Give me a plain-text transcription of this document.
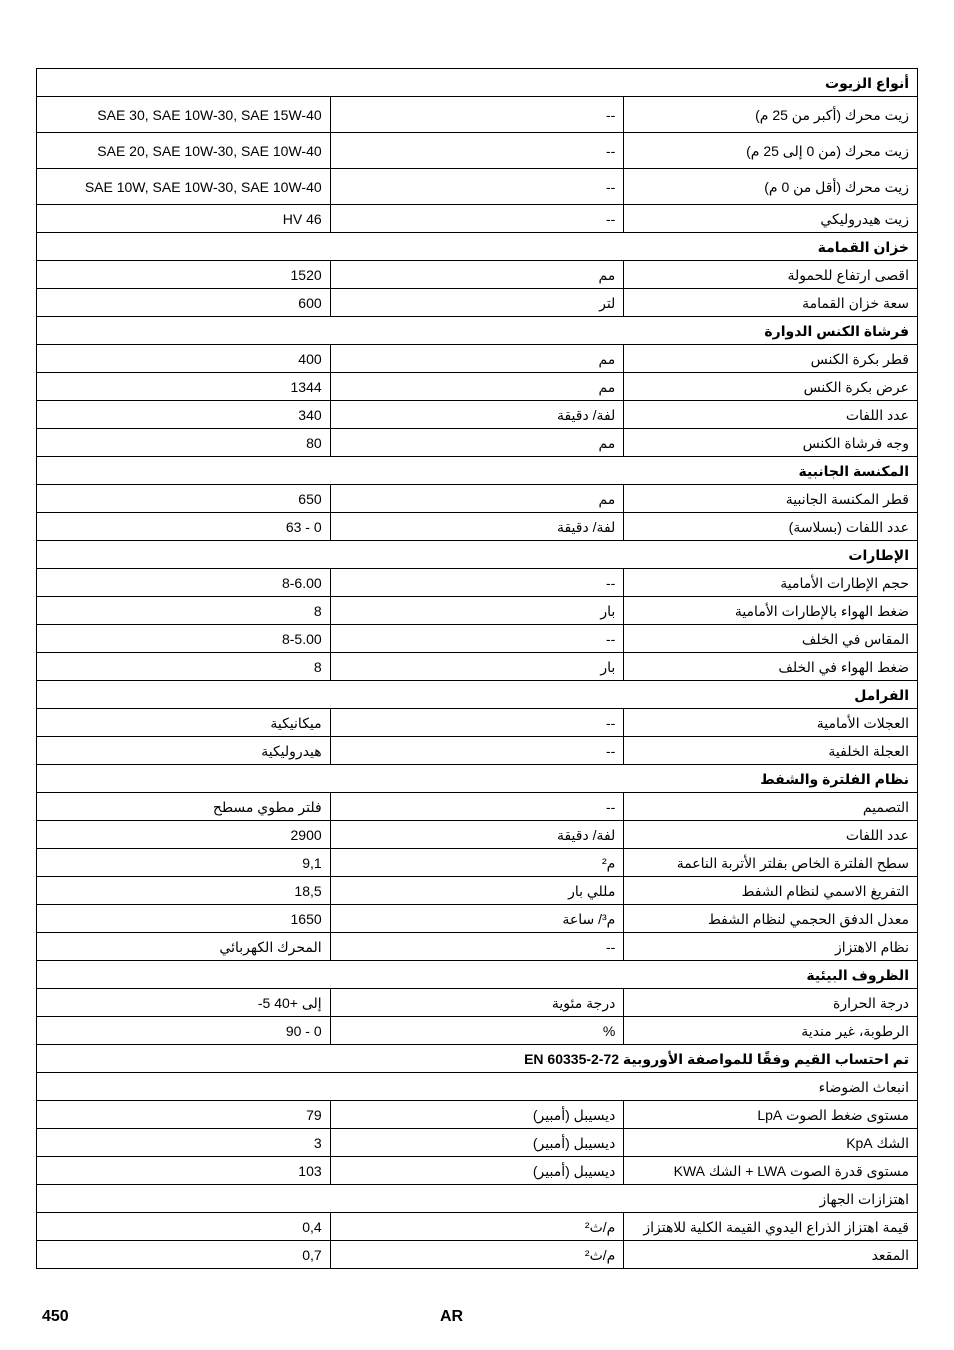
أنواع الزيوت		
SAE 30, SAE 10W-30, SAE 15W-40	--	زيت محرك (أكبر من 25 م)
SAE 20, SAE 10W-30, SAE 10W-40	--	زيت محرك (من 0 إلى 25 م)
SAE 10W, SAE 10W-30, SAE 10W-40	--	زيت محرك (أقل من 0 م)
HV 46	--	زيت هيدروليكي
خزان القمامة		
1520	مم	اقصى ارتفاع للحمولة
600	لتر	سعة خزان القمامة
فرشاة الكنس الدوارة		
400	مم	قطر بكرة الكنس
1344	مم	عرض بكرة الكنس
340	لفة/ دقيقة	عدد اللفات
80	مم	وجه فرشاة الكنس
المكنسة الجانبية		
650	مم	قطر المكنسة الجانبية
63 - 0	لفة/ دقيقة	عدد اللفات (بسلاسة)
الإطارات		
8-6.00	--	حجم الإطارات الأمامية
8	بار	ضغط الهواء بالإطارات الأمامية
8-5.00	--	المقاس في الخلف
8	بار	ضغط الهواء في الخلف
الفرامل		
ميكانيكية	--	العجلات الأمامية
هيدروليكية	--	العجلة الخلفية
نظام الفلترة والشفط		
فلتر مطوي مسطح	--	التصميم
2900	لفة/ دقيقة	عدد اللفات
9,1	م²	سطح الفلترة الخاص بفلتر الأتربة الناعمة
18,5	مللي بار	التفريغ الاسمي لنظام الشفط
1650	م³/ ساعة	معدل الدفق الحجمي لنظام الشفط
المحرك الكهربائي	--	نظام الاهتزاز
الظروف البيئية		
-5 إلى +40	درجة مئوية	درجة الحرارة
90 - 0	%	الرطوبة، غير مندية
تم احتساب القيم وفقًا للمواصفة الأوروبية EN 60335-2-72		
انبعاث الضوضاء		
79	ديسيبل (أمبير)	مستوى ضغط الصوت LpA
3	ديسيبل (أمبير)	الشك KpA
103	ديسيبل (أمبير)	مستوى قدرة الصوت LWA + الشك KWA
اهتزازات الجهاز		
0,4	م/ث²	قيمة اهتزاز الذراع اليدوي القيمة الكلية للاهتزاز
0,7	م/ث²	المقعد
450	AR
